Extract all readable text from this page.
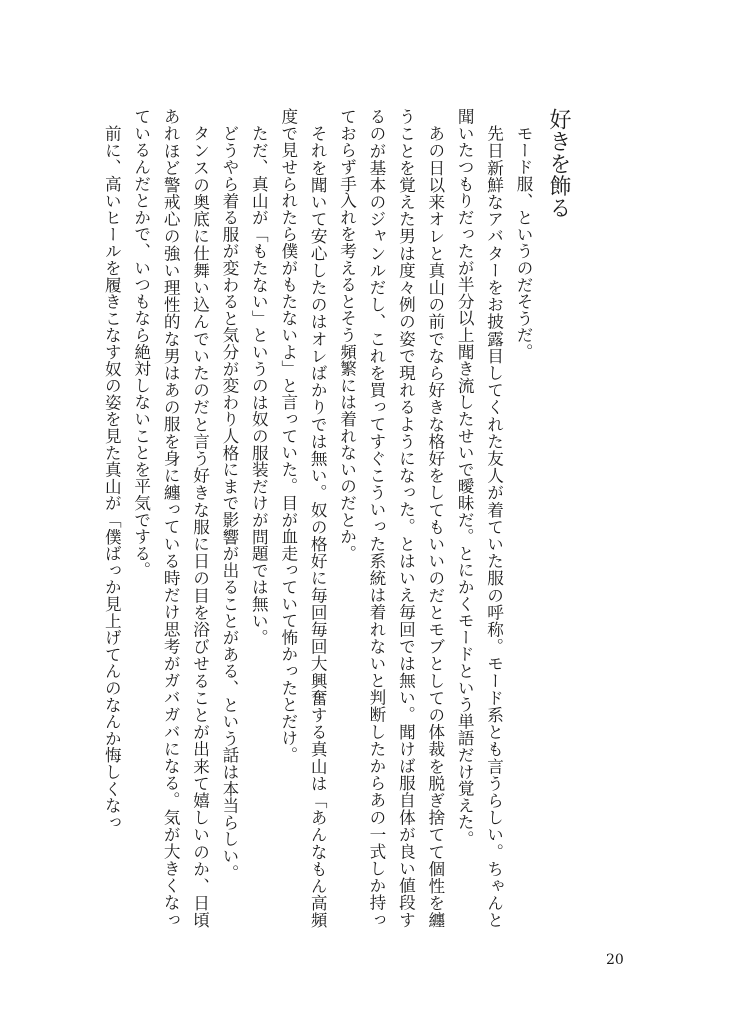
好きを飾る

モード服、というのだそうだ。

先日新鮮なアバターをお披露目してくれた友人が着ていた服の呼称。モード系とも言うらしい。ちゃんと聞いたつもりだったが半分以上聞き流したせいで曖昧だ。とにかくモードという単語だけ覚えた。

あの日以来オレと真山の前でなら好きな格好をしてもいいのだとモブとしての体裁を脱ぎ捨てて個性を纏うことを覚えた男は度々例の姿で現れるようになった。とはいえ毎回では無い。聞けば服自体が良い値段するのが基本のジャンルだし、これを買ってすぐこういった系統は着れないと判断したからあの一式しか持っておらず手入れを考えるとそう頻繁には着れないのだとか。

それを聞いて安心したのはオレばかりでは無い。奴の格好に毎回毎回大興奮する真山は「あんなもん高頻度で見せられたら僕がもたないよ」と言っていた。目が血走っていて怖かったとだけ。

ただ、真山が「もたない」というのは奴の服装だけが問題では無い。

どうやら着る服が変わると気分が変わり人格にまで影響が出ることがある、という話は本当らしい。

タンスの奥底に仕舞い込んでいたのだと言う好きな服に日の目を浴びせることが出来て嬉しいのか、日頃あれほど警戒心の強い理性的な男はあの服を身に纏っている時だけ思考がガバガバになる。気が大きくなっているんだとかで、いつもなら絶対しないことを平気でする。

前に、高いヒールを履きこなす奴の姿を見た真山が「僕ばっか見上げてんのなんか悔しくなっ

20
